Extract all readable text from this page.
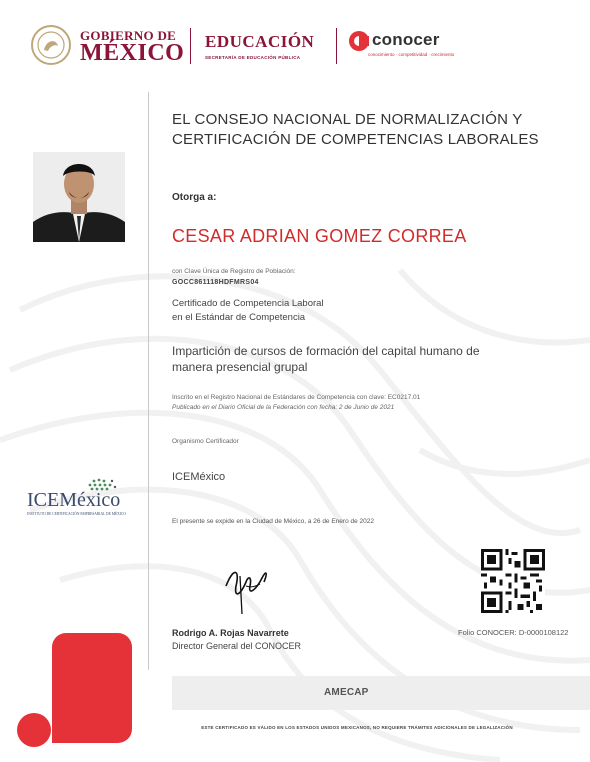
GOBIERNO DE
MÉXICO EDUCACIÓN
SECRETARÍA DE EDUCACIÓN PÚBLICA
conocer
conocimiento · competitividad · crecimiento
EL CONSEJO NACIONAL DE NORMALIZACIÓN Y CERTIFICACIÓN DE COMPETENCIAS LABORALES
Otorga a:
CESAR ADRIAN GOMEZ CORREA
con Clave Única de Registro de Población:
GOCC861118HDFMRS04
Certificado de Competencia Laboral
en el Estándar de Competencia
Impartición de cursos de formación del capital humano de
manera presencial grupal
Inscrito en el Registro Nacional de Estándares de Competencia con clave: EC0217.01
Publicado en el Diario Oficial de la Federación con fecha: 2 de Junio de 2021
Organismo Certificador
ICEMéxico
El presente se expide en la Ciudad de México, a 26 de Enero de 2022
Rodrigo A. Rojas Navarrete
Director General del CONOCER
Folio CONOCER: D-0000108122
ICEMéxico
INSTITUTO DE CERTIFICACIÓN EMPRESARIAL DE MÉXICO
AMECAP
ESTE CERTIFICADO ES VÁLIDO EN LOS ESTADOS UNIDOS MEXICANOS, NO REQUIERE TRÁMITES ADICIONALES DE LEGALIZACIÓN
